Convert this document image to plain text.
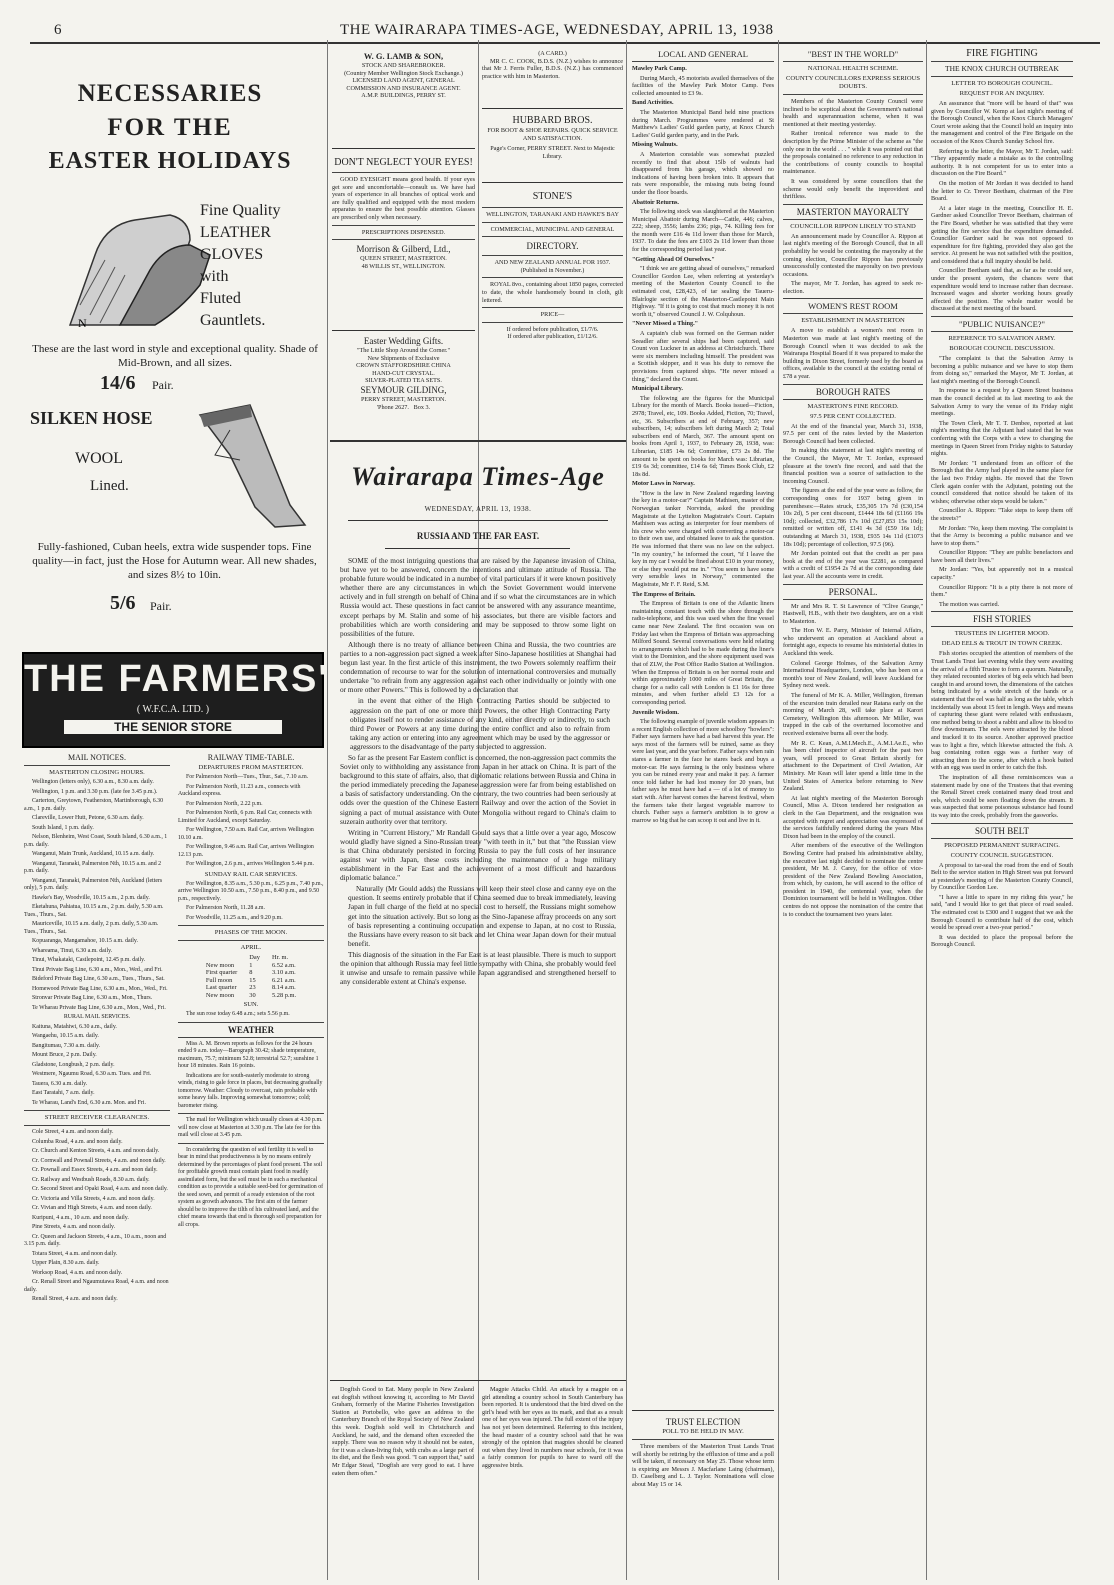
6	THE WAIRARAPA TIMES-AGE, WEDNESDAY, APRIL 13, 1938
NECESSARIES
FOR THE
EASTER HOLIDAYS
N
Fine Quality
LEATHER
GLOVES
with
Fluted
Gauntlets.
These are the last word in style and exceptional quality. Shade of Mid-Brown, and all sizes.
14/6 Pair.
SILKEN HOSE
WOOL
Lined.
Fully-fashioned, Cuban heels, extra wide suspender tops. Fine quality—in fact, just the Hose for Autumn wear. All new shades, and sizes 8½ to 10in.
5/6 Pair.
THE FARMERS'
( W.F.C.A. LTD. )
THE SENIOR STORE
MAIL NOTICES.
MASTERTON CLOSING HOURS.

Wellington (letters only), 6.30 a.m., 8.30 a.m. daily.

Wellington, 1 p.m. and 3.30 p.m. (late fee 3.45 p.m.).

Carterton, Greytown, Featherston, Martinborough, 6.30 a.m., 1 p.m. daily.

Clareville, Lower Hutt, Petone, 6.30 a.m. daily.

South Island, 1 p.m. daily.

Nelson, Blenheim, West Coast, South Island, 6.30 a.m., 1 p.m. daily.

Wanganui, Main Trunk, Auckland, 10.15 a.m. daily.

Wanganui, Taranaki, Palmerston Nth, 10.15 a.m. and 2 p.m. daily.

Wanganui, Taranaki, Palmerston Nth, Auckland (letters only), 5 p.m. daily.

Hawke's Bay, Woodville, 10.15 a.m., 2 p.m. daily.

Eketahuna, Pahiatua, 10.15 a.m., 2 p.m. daily, 5.30 a.m. Tues., Thurs., Sat.

Mauriceville, 10.15 a.m. daily, 2 p.m. daily, 5.30 a.m. Tues., Thurs., Sat.

Kopuaranga, Mangamahoe, 10.15 a.m. daily.

Whareama, Tinui, 6.30 a.m. daily.

Tinui, Whakataki, Castlepoint, 12.45 p.m. daily.

Tinui Private Bag Line, 6.30 a.m., Mon., Wed., and Fri.

Bideford Private Bag Line, 6.30 a.m., Tues., Thurs., Sat.

Homewood Private Bag Line, 6.30 a.m., Mon., Wed., Fri.

Stronvar Private Bag Line, 6.30 a.m., Mon., Thurs.

Te Wharau Private Bag Line, 6.30 a.m., Mon., Wed., Fri.

RURAL MAIL SERVICES.

Kaituna, Matahiwi, 6.30 a.m., daily.

Wangaehu, 10.15 a.m. daily.

Bangitumau, 7.30 a.m. daily.

Mount Bruce, 2 p.m. Daily.

Gladstone, Longbush, 2 p.m. daily.

Westmere, Ngaumu Road, 6.30 a.m. Tues. and Fri.

Tauera, 6.30 a.m. daily.

East Taratahi, 7 a.m. daily.

Te Wharau, Land's End, 6.30 a.m. Mon. and Fri.

STREET RECEIVER CLEARANCES.

Cole Street, 4 a.m. and noon daily.

Columba Road, 4 a.m. and noon daily.

Cr. Church and Kenton Streets, 4 a.m. and noon daily.

Cr. Cornwall and Pownall Streets, 4 a.m. and noon daily.

Cr. Pownall and Essex Streets, 4 a.m. and noon daily.

Cr. Railway and Westbush Roads, 8.30 a.m. daily.

Cr. Second Street and Opaki Road, 4 a.m. and noon daily.

Cr. Victoria and Villa Streets, 4 a.m. and noon daily.

Cr. Vivian and High Streets, 4 a.m. and noon daily.

Kuripuni, 4 a.m., 10 a.m. and noon daily.

Pine Streets, 4 a.m. and noon daily.

Cr. Queen and Jackson Streets, 4 a.m., 10 a.m., noon and 3.15 p.m. daily.

Totara Street, 4 a.m. and noon daily.

Upper Plain, 8.30 a.m. daily.

Worksop Road, 4 a.m. and noon daily.

Cr. Renall Street and Ngaumutawa Road, 4 a.m. and noon daily.

Renall Street, 4 a.m. and noon daily.

RAILWAY TIME-TABLE.
DEPARTURES FROM MASTERTON.

For Palmerston North—Tues., Thur., Sat., 7.10 a.m.

For Palmerston North, 11.23 a.m., connects with Auckland express.

For Palmerston North, 2.22 p.m.

For Palmerston North, 6 p.m. Rail Car, connects with Limited for Auckland, except Saturday.

For Wellington, 7.50 a.m. Rail Car, arrives Wellington 10.10 a.m.

For Wellington, 9.46 a.m. Rail Car, arrives Wellington 12.13 p.m.

For Wellington, 2.6 p.m., arrives Wellington 5.44 p.m.

SUNDAY RAIL CAR SERVICES.

For Wellington, 8.35 a.m., 5.30 p.m., 6.25 p.m., 7.40 p.m., arrive Wellington 10.50 a.m., 7.50 p.m., 8.40 p.m., and 9.50 p.m., respectively.

For Palmerston North, 11.28 a.m.

For Woodville, 11.25 a.m., and 9.20 p.m.

PHASES OF THE MOON.
APRIL.
	Day	Hr. m.
New moon	1	6.52 a.m.
First quarter	8	3.10 a.m.
Full moon	15	6.21 a.m.
Last quarter	23	8.14 a.m.
New moon	30	5.28 p.m.
SUN.

The sun rose today 6.48 a.m.; sets 5.56 p.m.

WEATHER

Miss A. M. Brown reports as follows for the 24 hours ended 9 a.m. today—Barograph 30.42; shade temperature, maximum, 75.7; minimum 52.8; terrestrial 52.7; sunshine 1 hour 18 minutes. Rain 16 points.

Indications are for south-easterly moderate to strong winds, rising to gale force in places, but decreasing gradually tomorrow. Weather: Cloudy to overcast, rain probable with some heavy falls. Improving somewhat tomorrow; cold; barometer rising.

The mail for Wellington which usually closes at 4.30 p.m. will now close at Masterton at 3.30 p.m. The late fee for this mail will close at 3.45 p.m.

In considering the question of soil fertility it is well to bear in mind that productiveness is by no means entirely determined by the percentages of plant food present. The soil for profitable growth must contain plant food in readily assimilated form, but the soil must be in such a mechanical condition as to provide a suitable seed-bed for germination of the seed sown, and permit of a ready extension of the root system as growth advances. The first aim of the farmer should be to improve the tilth of his cultivated land, and the chief means towards that end is thorough soil preparation for all crops.

W. G. LAMB & SON,
STOCK AND SHAREBROKER.
(Country Member Wellington Stock Exchange.)
LICENSED LAND AGENT, GENERAL COMMISSION AND INSURANCE AGENT.
A.M.P. BUILDINGS, PERRY ST.
DON'T NEGLECT YOUR EYES!

GOOD EYESIGHT means good health. If your eyes get sore and uncomfortable—consult us. We have had years of experience in all branches of optical work and are fully qualified and equipped with the most modern apparatus to ensure the best possible attention. Glasses are prescribed only when necessary.

PRESCRIPTIONS DISPENSED.
Morrison & Gilberd, Ltd.,
QUEEN STREET, MASTERTON.
48 WILLIS ST., WELLINGTON.
Easter Wedding Gifts.
"The Little Shop Around the Corner."
New Shipments of Exclusive
CROWN STAFFORDSHIRE CHINA
HAND-CUT CRYSTAL.
SILVER-PLATED TEA SETS.
SEYMOUR GILDING,
PERRY STREET, MASTERTON.
'Phone 2627. Box 3.
(A CARD.)

MR C. C. COOK, B.D.S. (N.Z.) wishes to announce that Mr J. Ferris Fuller, B.D.S. (N.Z.) has commenced practice with him in Masterton.

HUBBARD BROS.
FOR BOOT & SHOE REPAIRS. QUICK SERVICE AND SATISFACTION.
Page's Corner, PERRY STREET. Next to Majestic Library.
STONE'S
WELLINGTON, TARANAKI AND HAWKE'S BAY
COMMERCIAL, MUNICIPAL AND GENERAL
DIRECTORY.
AND NEW ZEALAND ANNUAL FOR 1937.
(Published in November.)

ROYAL 8vo., containing about 1850 pages, corrected to date, the whole handsomely bound in cloth, gilt lettered.

PRICE—
If ordered before publication, £1/7/6.
If ordered after publication, £1/12/6.
Wairarapa Times-Age
WEDNESDAY, APRIL 13, 1938.
RUSSIA AND THE FAR EAST.

SOME of the most intriguing questions that are raised by the Japanese invasion of China, but have yet to be answered, concern the intentions and ultimate attitude of Russia. The probable future would be indicated in a number of vital particulars if it were known positively whether there are any circumstances in which the Soviet Government would intervene actively and in full strength on behalf of China and if so what the circumstances are in which Russia would act. These questions in fact cannot be answered with any assurance meantime, except perhaps by M. Stalin and some of his associates, but there are visible factors and probabilities which are worth considering and may be supposed to throw some light on possibilities of the future.

Although there is no treaty of alliance between China and Russia, the two countries are parties to a non-aggression pact signed a week after Sino-Japanese hostilities at Shanghai had begun last year. In the first article of this instrument, the two Powers solemnly reaffirm their condemnation of recourse to war for the solution of international controversies and mutually undertake "to refrain from any aggression against each other individually or jointly with one or more other Powers." This is followed by a declaration that

in the event that either of the High Contracting Parties should be subjected to aggression on the part of one or more third Powers, the other High Contracting Party obligates itself not to render assistance of any kind, either directly or indirectly, to such third Power or Powers at any time during the entire conflict and also to refrain from taking any action or entering into any agreement which may be used by the aggressor or aggressors to the disadvantage of the party subjected to aggression.

So far as the present Far Eastern conflict is concerned, the non-aggression pact commits the Soviet only to withholding any assistance from Japan in her attack on China. It is part of the background to this state of affairs, also, that diplomatic relations between Russia and China in the period immediately preceding the Japanese aggression were far from being established on a basis of satisfactory understanding. On the contrary, the two countries had been seriously at odds over the question of the Chinese Eastern Railway and over the action of the Soviet in signing a pact of mutual assistance with Outer Mongolia without regard to China's claim to suzerain authority over that territory.

Writing in "Current History," Mr Randall Gould says that a little over a year ago, Moscow would gladly have signed a Sino-Russian treaty "with teeth in it," but that "the Russian view is that China obdurately persisted in forcing Russia to pay the full costs of her insurance against war with Japan, these costs including the maintenance of a huge military establishment in the Far East and the achievement of a most difficult and hazardous diplomatic balance."

Naturally (Mr Gould adds) the Russians will keep their steel close and canny eye on the question. It seems entirely probable that if China seemed due to break immediately, leaving Japan in full charge of the field at no special cost to herself, the Russians might somehow get into the situation actively. But so long as the Sino-Japanese affray proceeds on any sort of basis representing a continuing occupation and expense to Japan, at no cost to Russia, the Russians have every reason to sit back and let China wear Japan down for their mutual benefit.

This diagnosis of the situation in the Far East is at least plausible. There is much to support the opinion that although Russia may feel little sympathy with China, she probably would feel it unwise and unsafe to remain passive while Japan aggrandised and strengthened herself to any considerable extent at China's expense.

Dogfish Good to Eat. Many people in New Zealand eat dogfish without knowing it, according to Mr David Graham, formerly of the Marine Fisheries Investigation Station at Portobello, who gave an address to the Canterbury Branch of the Royal Society of New Zealand this week. Dogfish sold well in Christchurch and Auckland, he said, and the demand often exceeded the supply. There was no reason why it should not be eaten, for it was a clean-living fish, with crabs as a large part of its diet, and the flesh was good. "I can support that," said Mr Edgar Stead, "Dogfish are very good to eat. I have eaten them often."

Magpie Attacks Child. An attack by a magpie on a girl attending a country school in South Canterbury has been reported. It is understood that the bird dived on the girl's head with her eyes as its mark, and that as a result one of her eyes was injured. The full extent of the injury has not yet been determined. Referring to this incident, the head master of a country school said that he was strongly of the opinion that magpies should be cleaned out when they lived in numbers near schools, for it was a fairly common for pupils to have to ward off the aggressive birds.

LOCAL AND GENERAL

Mawley Park Camp.

During March, 45 motorists availed themselves of the facilities of the Mawley Park Motor Camp. Fees collected amounted to £3 9s.

Band Activities.

The Masterton Municipal Band held nine practices during March. Programmes were rendered at St Matthew's Ladies' Guild garden party, at Knox Church Ladies' Guild garden party, and in the Park.

Missing Walnuts.

A Masterton constable was somewhat puzzled recently to find that about 15lb of walnuts had disappeared from his garage, which showed no indications of having been broken into. It appears that rats were responsible, the missing nuts being found under the floor boards.

Abattoir Returns.

The following stock was slaughtered at the Masterton Municipal Abattoir during March—Cattle, 446; calves, 222; sheep, 3556; lambs 236; pigs, 74. Killing fees for the month were £16 4s 11d lower than those for March, 1937. To date the fees are £103 2s 11d lower than those for the corresponding period last year.

"Getting Ahead Of Ourselves."

"I think we are getting ahead of ourselves," remarked Councillor Gordon Lee, when referring at yesterday's meeting of the Masterton County Council to the estimated cost, £28,423, of tar sealing the Taueru-Blairlogie section of the Masterton-Castlepoint Main Highway. "If it is going to cost that much money it is not worth it," observed Council J. W. Colquhoun.

"Never Missed a Thing."

A captain's club was formed on the German raider Seeadler after several ships had been captured, said Count von Luckner in an address at Christchurch. There were six members including himself. The president was a Scottish skipper, and it was his duty to remove the provisions from captured ships. "He never missed a thing," declared the Count.

Municipal Library.

The following are the figures for the Municipal Library for the month of March. Books issued—Fiction, 2978; Travel, etc, 109. Books Added, Fiction, 70; Travel, etc, 36. Subscribers at end of February, 357; new subscribers, 14; subscribers left during March 2; Total subscribers end of March, 367. The amount spent on books from April 1, 1937, to February 28, 1938, was: Librarian, £185 14s 6d; Committee, £73 2s 8d. The amount to be spent on books for March was: Librarian, £19 6s 3d; committee, £14 6s 6d; Times Book Club, £2 18s 8d.

Motor Laws in Norway.

"How is the law in New Zealand regarding leaving the key in a motor-car?" Captain Mathisen, master of the Norwegian tanker Norvinda, asked the presiding Magistrate at the Lyttelton Magistrate's Court. Captain Mathisen was acting as interpreter for four members of his crew who were charged with converting a motor-car to their own use, and obtained leave to ask the question. He was informed that there was no law on the subject. "In my country," he informed the court, "if I leave the key in my car I would be fined about £10 in your money, or else they would put me in." "You seem to have some very sensible laws in Norway," commented the Magistrate, Mr F. F. Reid, S.M.

The Empress of Britain.

The Empress of Britain is one of the Atlantic liners maintaining constant touch with the shore through the radio-telephone, and this was used when the fine vessel came near New Zealand. The first occasion was on Friday last when the Empress of Britain was approaching Milford Sound. Several conversations were held relating to arrangements which had to be made during the liner's visit to the Dominion, and the shore equipment used was that of ZLW, the Post Office Radio Station at Wellington. When the Empress of Britain is on her normal route and within approximately 1000 miles of Great Britain, the charge for a radio call with London is £1 16s for three minutes, and when further afield £3 12s for a corresponding period.

Juvenile Wisdom.

The following example of juvenile wisdom appears in a recent English collection of more schoolboy "howlers": Father says farmers have had a bad harvest this year. He says most of the farmers will be ruined, same as they were last year, and the year before. Father says when rain stares a farmer in the face he stares back and buys a motor-car. He says farming is the only business where you can be ruined every year and make it pay. A farmer once told father he had lost money for 20 years, but father says he must have had a — of a lot of money to start with. After harvest comes the harvest festival, when the farmers take their largest vegetable marrow to church. Father says a farmer's ambition is to grow a marrow so big that he can scoop it out and live in it.

TRUST ELECTION
POLL TO BE HELD IN MAY.

Three members of the Masterton Trust Lands Trust will shortly be retiring by the effluxion of time and a poll will be taken, if necessary on May 25. Those whose term is expiring are Messrs J. Macfarlane Laing (chairman), D. Caselberg and L. J. Taylor. Nominations will close about May 15 or 14.

"BEST IN THE WORLD"
NATIONAL HEALTH SCHEME.
COUNTY COUNCILLORS EXPRESS SERIOUS DOUBTS.

Members of the Masterton County Council were inclined to be sceptical about the Government's national health and superannuation scheme, when it was mentioned at their meeting yesterday.

Rather ironical reference was made to the description by the Prime Minister of the scheme as "the only one in the world . . . " while it was pointed out that the proposals contained no reference to any reduction in the contributions of county councils to hospital maintenance.

It was considered by some councillors that the scheme would only benefit the improvident and thriftless.

MASTERTON MAYORALTY
COUNCILLOR RIPPON LIKELY TO STAND

An announcement made by Councillor A. Rippon at last night's meeting of the Borough Council, that in all probability he would be contesting the mayoralty at the coming election, Councillor Rippon has previously unsuccessfully contested the mayoralty on two previous occasions.

The mayor, Mr T. Jordan, has agreed to seek re-election.

WOMEN'S REST ROOM
ESTABLISHMENT IN MASTERTON

A move to establish a women's rest room in Masterton was made at last night's meeting of the Borough Council when it was decided to ask the Wairarapa Hospital Board if it was prepared to make the building in Dixon Street, formerly used by the board as offices, available to the council at the existing rental of £78 a year.

BOROUGH RATES
MASTERTON'S FINE RECORD.
97.5 PER CENT COLLECTED.

At the end of the financial year, March 31, 1938, 97.5 per cent of the rates levied by the Masterton Borough Council had been collected.

In making this statement at last night's meeting of the Council, the Mayor, Mr T. Jordan, expressed pleasure at the town's fine record, and said that the financial position was a source of satisfaction to the incoming Council.

The figures at the end of the year were as follow, the corresponding ones for 1937 being given in parentheses:—Rates struck, £35,305 17s 7d (£30,154 10s 2d), 5 per cent discount, £1444 18s 6d (£1166 19s 10d); collected, £32,786 17s 10d (£27,853 15s 10d); remitted or written off, £141 4s 3d (£59 16s 1d); outstanding at March 31, 1938, £935 14s 11d (£1073 18s 10d); percentage of collection, 97.5 (96).

Mr Jordan pointed out that the credit as per pass book at the end of the year was £2281, as compared with a credit of £1954 2s 7d at the corresponding date last year. All the accounts were in credit.

PERSONAL.

Mr and Mrs R. T. St Lawrence of "Clive Grange," Hastwell, H.B., with their two daughters, are on a visit to Masterton.

The Hon W. E. Parry, Minister of Internal Affairs, who underwent an operation at Auckland about a fortnight ago, expects to resume his ministerial duties in Auckland this week.

Colonel George Holmes, of the Salvation Army International Headquarters, London, who has been on a month's tour of New Zealand, will leave Auckland for Sydney next week.

The funeral of Mr K. A. Miller, Wellington, fireman of the excursion train derailed near Ratana early on the morning of March 28, will take place at Karori Cemetery, Wellington this afternoon. Mr Miller, was trapped in the cab of the overturned locomotive and received extensive burns all over the body.

Mr R. C. Kean, A.M.I.Mech.E., A.M.I.Ae.E., who has been chief inspector of aircraft for the past two years, will proceed to Great Britain shortly for attachment to the Department of Civil Aviation, Air Ministry. Mr Kean will later spend a little time in the United States of America before returning to New Zealand.

At last night's meeting of the Masterton Borough Council, Miss A. Dixon tendered her resignation as clerk in the Gas Department, and the resignation was accepted with regret and appreciation was expressed of the services faithfully rendered during the years Miss Dixon had been in the employ of the council.

After members of the executive of the Wellington Bowling Centre had praised his administrative ability, the executive last night decided to nominate the centre president, Mr M. J. Carey, for the office of vice-president of the New Zealand Bowling Association, from which, by custom, he will ascend to the office of president in 1940, the centennial year, when the Dominion tournament will be held in Wellington. Other centres do not oppose the nomination of the centre that is to conduct the tournament two years later.

FIRE FIGHTING
THE KNOX CHURCH OUTBREAK
LETTER TO BOROUGH COUNCIL.
REQUEST FOR AN INQUIRY.

An assurance that "more will be heard of that" was given by Councillor W. Kemp at last night's meeting of the Borough Council, when the Knox Church Managers' Court wrote asking that the Council hold an inquiry into the management and control of the Fire Brigade on the occasion of the Knox Church Sunday School fire.

Referring to the letter, the Mayor, Mr T. Jordan, said: "They apparently made a mistake as to the controlling authority. It is not competent for us to enter into a discussion on the Fire Board."

On the motion of Mr Jordan it was decided to hand the letter to Cr. Trevor Beetham, chairman of the Fire Board.

At a later stage in the meeting, Councillor H. E. Gardner asked Councillor Trevor Beetham, chairman of the Fire Board, whether he was satisfied that they were getting the fire service that the expenditure demanded. Councillor Gardner said he was not opposed to expenditure for fire fighting, provided they also got the service. At present he was not satisfied with the position, and considered that a full inquiry should be held.

Councillor Beetham said that, as far as he could see, under the present system, the chances were that expenditure would tend to increase rather than decrease. Increased wages and shorter working hours greatly affected the position. The whole matter would be discussed at the next meeting of the board.

"PUBLIC NUISANCE?"
REFERENCE TO SALVATION ARMY.
BOROUGH COUNCIL DISCUSSION.

"The complaint is that the Salvation Army is becoming a public nuisance and we have to stop them from doing so," remarked the Mayor, Mr T. Jordan, at last night's meeting of the Borough Council.

In response to a request by a Queen Street business man the council decided at its last meeting to ask the Salvation Army to vary the venue of its Friday night meetings.

The Town Clerk, Mr T. T. Denbee, reported at last night's meeting that the Adjutant had stated that he was conferring with the Corps with a view to changing the meetings in Queen Street from Friday nights to Saturday nights.

Mr Jordan: "I understand from an officer of the Borough that the Army had played in the same place for the last two Friday nights. He moved that the Town Clerk again confer with the Adjutant, pointing out the council considered that notice should be taken of its wishes; otherwise other steps would be taken."

Councillor A. Rippon: "Take steps to keep them off the streets?"

Mr Jordan: "No, keep them moving. The complaint is that the Army is becoming a public nuisance and we have to stop them."

Councillor Rippon: "They are public benefactors and have been all their lives."

Mr Jordan: "Yes, but apparently not in a musical capacity."

Councillor Rippon: "It is a pity there is not more of them."

The motion was carried.

FISH STORIES
TRUSTEES IN LIGHTER MOOD.
DEAD EELS & TROUT IN TOWN CREEK.

Fish stories occupied the attention of members of the Trust Lands Trust last evening while they were awaiting the arrival of a fifth Trustee to form a quorum. Naturally, they related recounted stories of big eels which had been caught in and around town, the dimensions of the catches being indicated by a wide stretch of the hands or a statement that the eel was half as long as the table, which incidentally was about 15 feet in length. Ways and means of capturing these giant were related with enthusiasm, one method being to shoot a rabbit and allow its blood to flow downstream. The eels were attracted by the blood and tracked it to its source. Another approved practice was to light a fire, which likewise attracted the fish. A bag containing rotten eggs was a further way of attracting them to the scene, after which a hook baited with an egg was used in order to catch the fish.

The inspiration of all these reminiscences was a statement made by one of the Trustees that that evening the Renall Street creek contained many dead trout and eels, which could be seen floating down the stream. It was suspected that some poisonous substance had found its way into the creek, probably from the gasworks.

SOUTH BELT
PROPOSED PERMANENT SURFACING.
COUNTY COUNCIL SUGGESTION.

A proposal to tar-seal the road from the end of South Belt to the service station in High Street was put forward at yesterday's meeting of the Masterton County Council, by Councillor Gordon Lee.

"I have a little to spare in my riding this year," he said, "and I would like to get that piece of road sealed. The estimated cost is £300 and I suggest that we ask the Borough Council to contribute half of the cost, which would be spread over a two-year period."

It was decided to place the proposal before the Borough Council.
